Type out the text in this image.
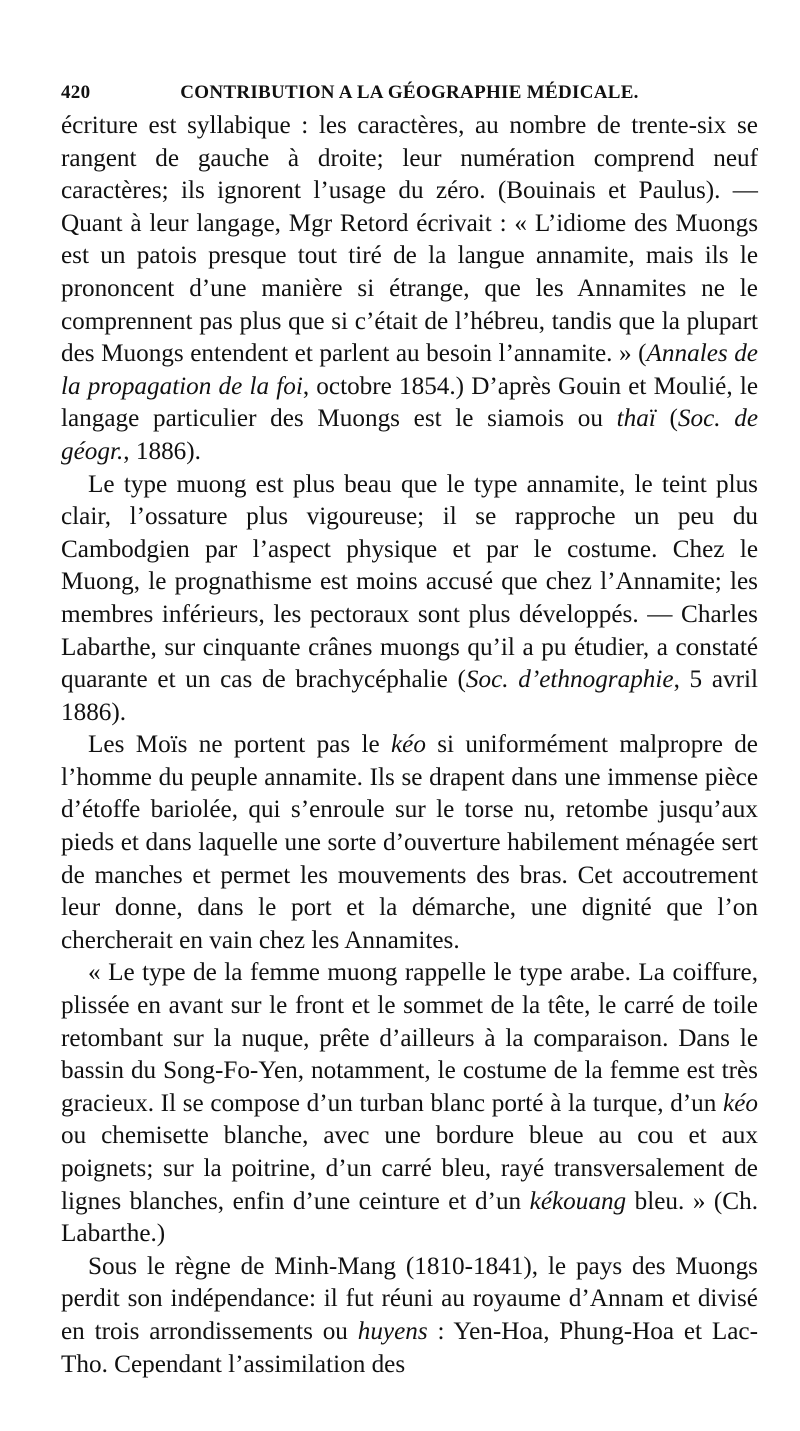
420	CONTRIBUTION A LA GÉOGRAPHIE MÉDICALE.

écriture est syllabique : les caractères, au nombre de trente-six se rangent de gauche à droite; leur numération comprend neuf caractères; ils ignorent l’usage du zéro. (Bouinais et Paulus). — Quant à leur langage, Mgr Retord écrivait : « L’idiome des Muongs est un patois presque tout tiré de la langue annamite, mais ils le prononcent d’une manière si étrange, que les Annamites ne le comprennent pas plus que si c’était de l’hébreu, tandis que la plupart des Muongs entendent et parlent au besoin l’annamite. » (Annales de la propagation de la foi, octobre 1854.) D’après Gouin et Moulié, le langage particulier des Muongs est le siamois ou thaï (Soc. de géogr., 1886).

Le type muong est plus beau que le type annamite, le teint plus clair, l’ossature plus vigoureuse; il se rapproche un peu du Cambodgien par l’aspect physique et par le costume. Chez le Muong, le prognathisme est moins accusé que chez l’Annamite; les membres inférieurs, les pectoraux sont plus développés. — Charles Labarthe, sur cinquante crânes muongs qu’il a pu étudier, a constaté quarante et un cas de brachycéphalie (Soc. d’ethnographie, 5 avril 1886).

Les Moïs ne portent pas le kéo si uniformément malpropre de l’homme du peuple annamite. Ils se drapent dans une immense pièce d’étoffe bariolée, qui s’enroule sur le torse nu, retombe jusqu’aux pieds et dans laquelle une sorte d’ouverture habilement ménagée sert de manches et permet les mouvements des bras. Cet accoutrement leur donne, dans le port et la démarche, une dignité que l’on chercherait en vain chez les Annamites.

« Le type de la femme muong rappelle le type arabe. La coiffure, plissée en avant sur le front et le sommet de la tête, le carré de toile retombant sur la nuque, prête d’ailleurs à la comparaison. Dans le bassin du Song-Fo-Yen, notamment, le costume de la femme est très gracieux. Il se compose d’un turban blanc porté à la turque, d’un kéo ou chemisette blanche, avec une bordure bleue au cou et aux poignets; sur la poitrine, d’un carré bleu, rayé transversalement de lignes blanches, enfin d’une ceinture et d’un kékouang bleu. » (Ch. Labarthe.)

Sous le règne de Minh-Mang (1810-1841), le pays des Muongs perdit son indépendance: il fut réuni au royaume d’Annam et divisé en trois arrondissements ou huyens : Yen-Hoa, Phung-Hoa et Lac-Tho. Cependant l’assimilation des
